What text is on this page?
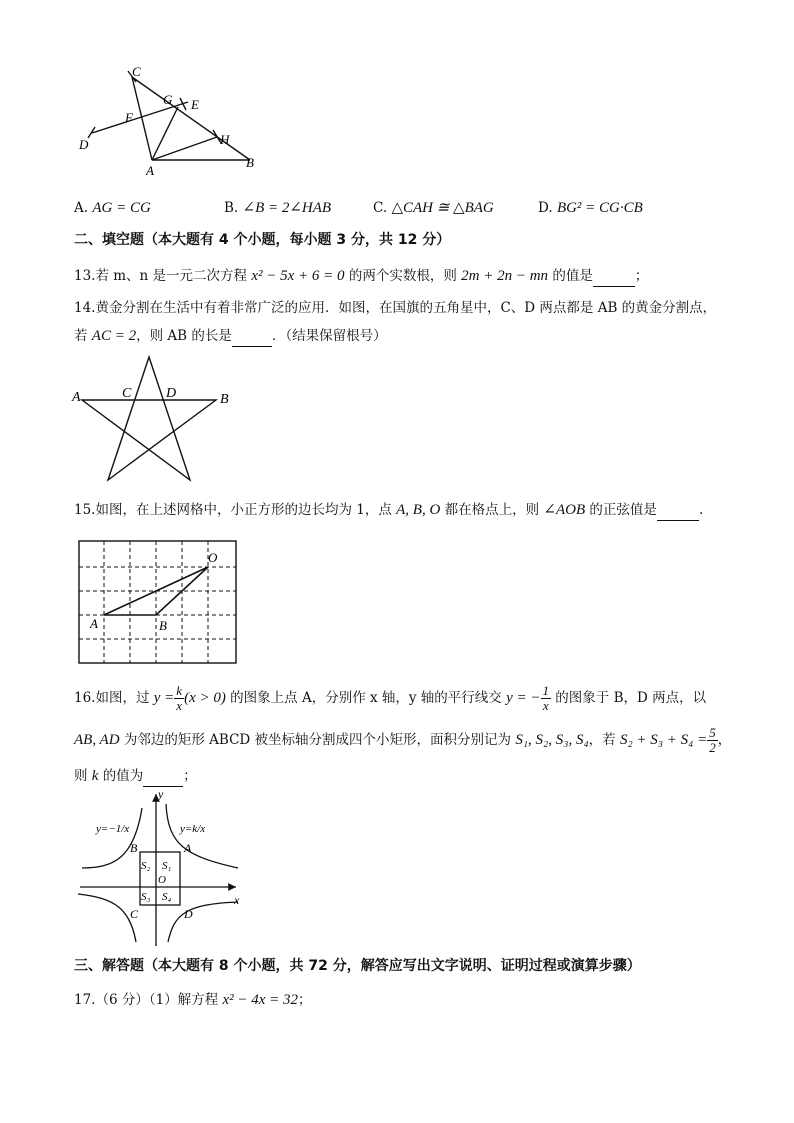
C
G E
F
D	H
A
B
A. AG = CG	B. ∠B = 2∠HAB	C. △CAH ≅ △BAG	D. BG² = CG·CB
二、填空题（本大题有 4 个小题，每小题 3 分，共 12 分）
13.若 m、n 是一元二次方程 x² − 5x + 6 = 0 的两个实数根，则 2m + 2n − mn 的值是	；
14.黄金分割在生活中有着非常广泛的应用．如图，在国旗的五角星中，C、D 两点都是 AB 的黄金分割点，
若 AC = 2，则 AB 的长是	．（结果保留根号）
A	C D	B
15.如图，在上述网格中，小正方形的边长均为 1，点 A, B, O 都在格点上，则 ∠AOB 的正弦值是	.
O
A	B
16.如图，过 $y = \frac{k}{x} (x > 0)$ 的图象上点 A，分别作 x 轴，y 轴的平行线交 y = − $\frac{1}{x}$ 的图象于 B，D 两点，以
AB, AD 为邻边的矩形 ABCD 被坐标轴分割成四个小矩形，面积分别记为 S₁, S₂, S₃, S₄，若 $S_2 + S_3 + S_4 = \frac{5}{2}$ ，
则 k 的值为	；
y
x
O
y=−1/x	y=k/x
B	A
C	D
S₂ S₁
S₃ S₄
三、解答题（本大题有 8 个小题，共 72 分，解答应写出文字说明、证明过程或演算步骤）
17.（6 分）（1）解方程 x² − 4x = 32；
